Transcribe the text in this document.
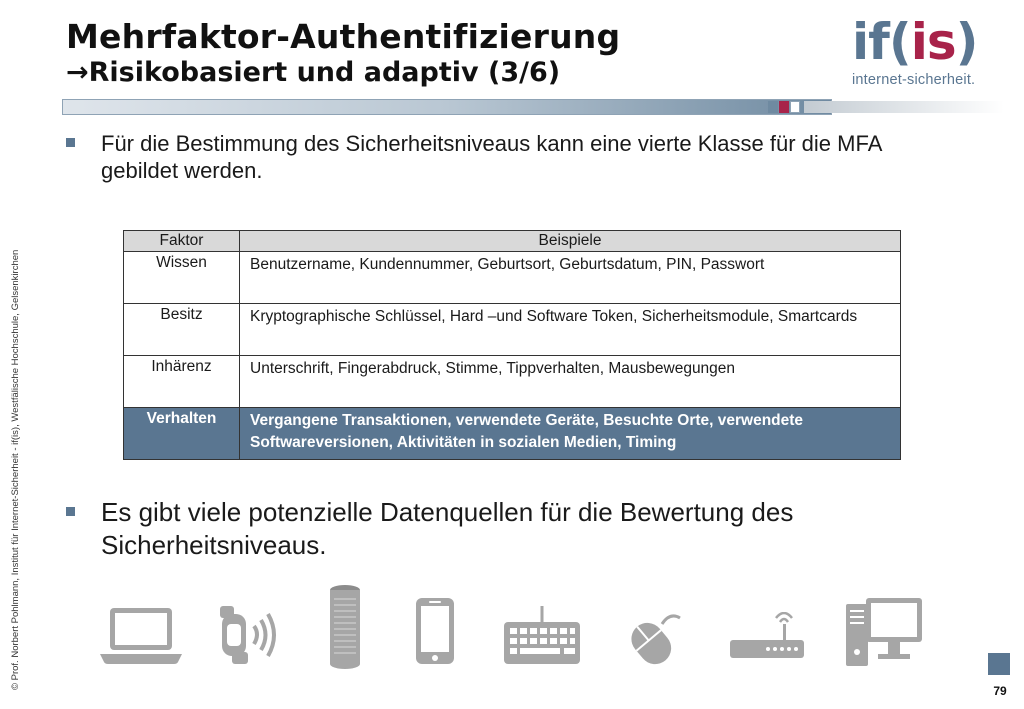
Mehrfaktor-Authentifizierung
→Risikobasiert und adaptiv (3/6)
if(is)
internet-sicherheit.
© Prof. Norbert Pohlmann, Institut für Internet-Sicherheit - if(is), Westfälische Hochschule, Gelsenkirchen
Für die Bestimmung des Sicherheitsniveaus kann eine vierte Klasse für die MFA gebildet werden.
Faktor	Beispiele
Wissen	Benutzername, Kundennummer, Geburtsort, Geburtsdatum, PIN, Passwort
Besitz	Kryptographische Schlüssel, Hard –und Software Token, Sicherheitsmodule, Smartcards
Inhärenz	Unterschrift, Fingerabdruck, Stimme, Tippverhalten, Mausbewegungen
Verhalten	Vergangene Transaktionen, verwendete Geräte, Besuchte Orte, verwendete Softwareversionen, Aktivitäten in sozialen Medien, Timing
Es gibt viele potenzielle Datenquellen für die Bewertung des Sicherheitsniveaus.
79
